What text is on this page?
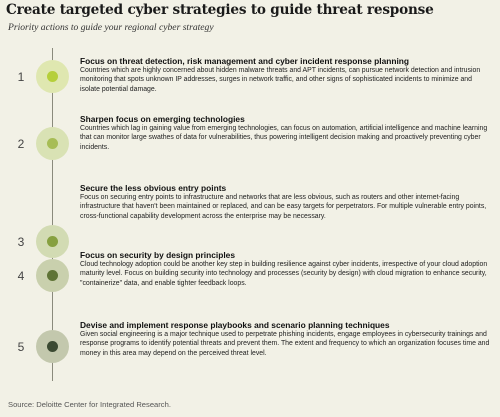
Create targeted cyber strategies to guide threat response
Priority actions to guide your regional cyber strategy
1
Focus on threat detection, risk management and cyber incident response planning
Countries which are highly concerned about hidden malware threats and APT incidents, can pursue network detection and intrusion monitoring that spots unknown IP addresses, surges in network traffic, and other signs of sophisticated incidents to minimize and isolate potential damage.
2
Sharpen focus on emerging technologies
Countries which lag in gaining value from emerging technologies, can focus on automation, artificial intelligence and machine learning that can monitor large swathes of data for vulnerabilities, thus powering intelligent decision making and proactively preventing cyber incidents.
3
Secure the less obvious entry points
Focus on securing entry points to infrastructure and networks that are less obvious, such as routers and other internet-facing infrastructure that haven't been maintained or replaced, and can be easy targets for perpetrators. For multiple vulnerable entry points, cross-functional capability development across the enterprise may be necessary.
4
Focus on security by design principles
Cloud technology adoption could be another key step in building resilience against cyber incidents, irrespective of your cloud adoption maturity level. Focus on building security into technology and processes (security by design) with cloud migration to enhance security, "containerize" data, and enable tighter feedback loops.
5
Devise and implement response playbooks and scenario planning techniques
Given social engineering is a major technique used to perpetrate phishing incidents, engage employees in cybersecurity trainings and response programs to identify potential threats and prevent them. The extent and frequency to which an organization focuses time and money in this area may depend on the perceived threat level.
Source: Deloitte Center for Integrated Research.
